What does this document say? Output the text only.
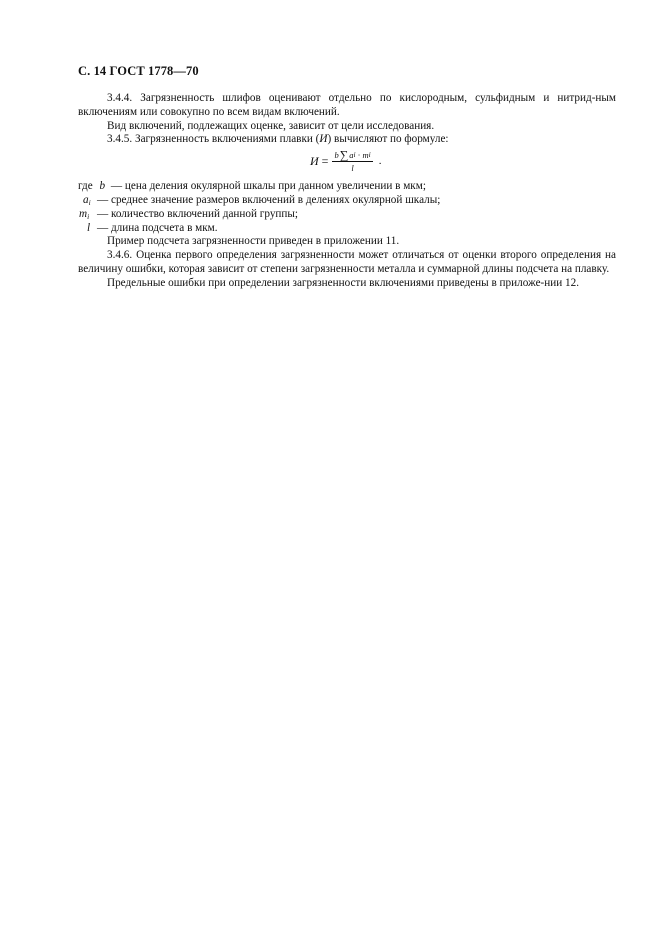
С. 14 ГОСТ 1778—70

3.4.4. Загрязненность шлифов оценивают отдельно по кислородным, сульфидным и нитрид-ным включениям или совокупно по всем видам включений.

Вид включений, подлежащих оценке, зависит от цели исследования.

3.4.5. Загрязненность включениями плавки (И) вычисляют по формуле:

$И = \frac{\text{b ∑ a i · m i}}{l}$ .
где b — цена деления окулярной шкалы при данном увеличении в мкм;
$a_i$ — среднее значение размеров включений в делениях окулярной шкалы;
$m_i$ — количество включений данной группы;
l — длина подсчета в мкм.

Пример подсчета загрязненности приведен в приложении 11.

3.4.6. Оценка первого определения загрязненности может отличаться от оценки второго определения на величину ошибки, которая зависит от степени загрязненности металла и суммарной длины подсчета на плавку.

Предельные ошибки при определении загрязненности включениями приведены в приложе-нии 12.
